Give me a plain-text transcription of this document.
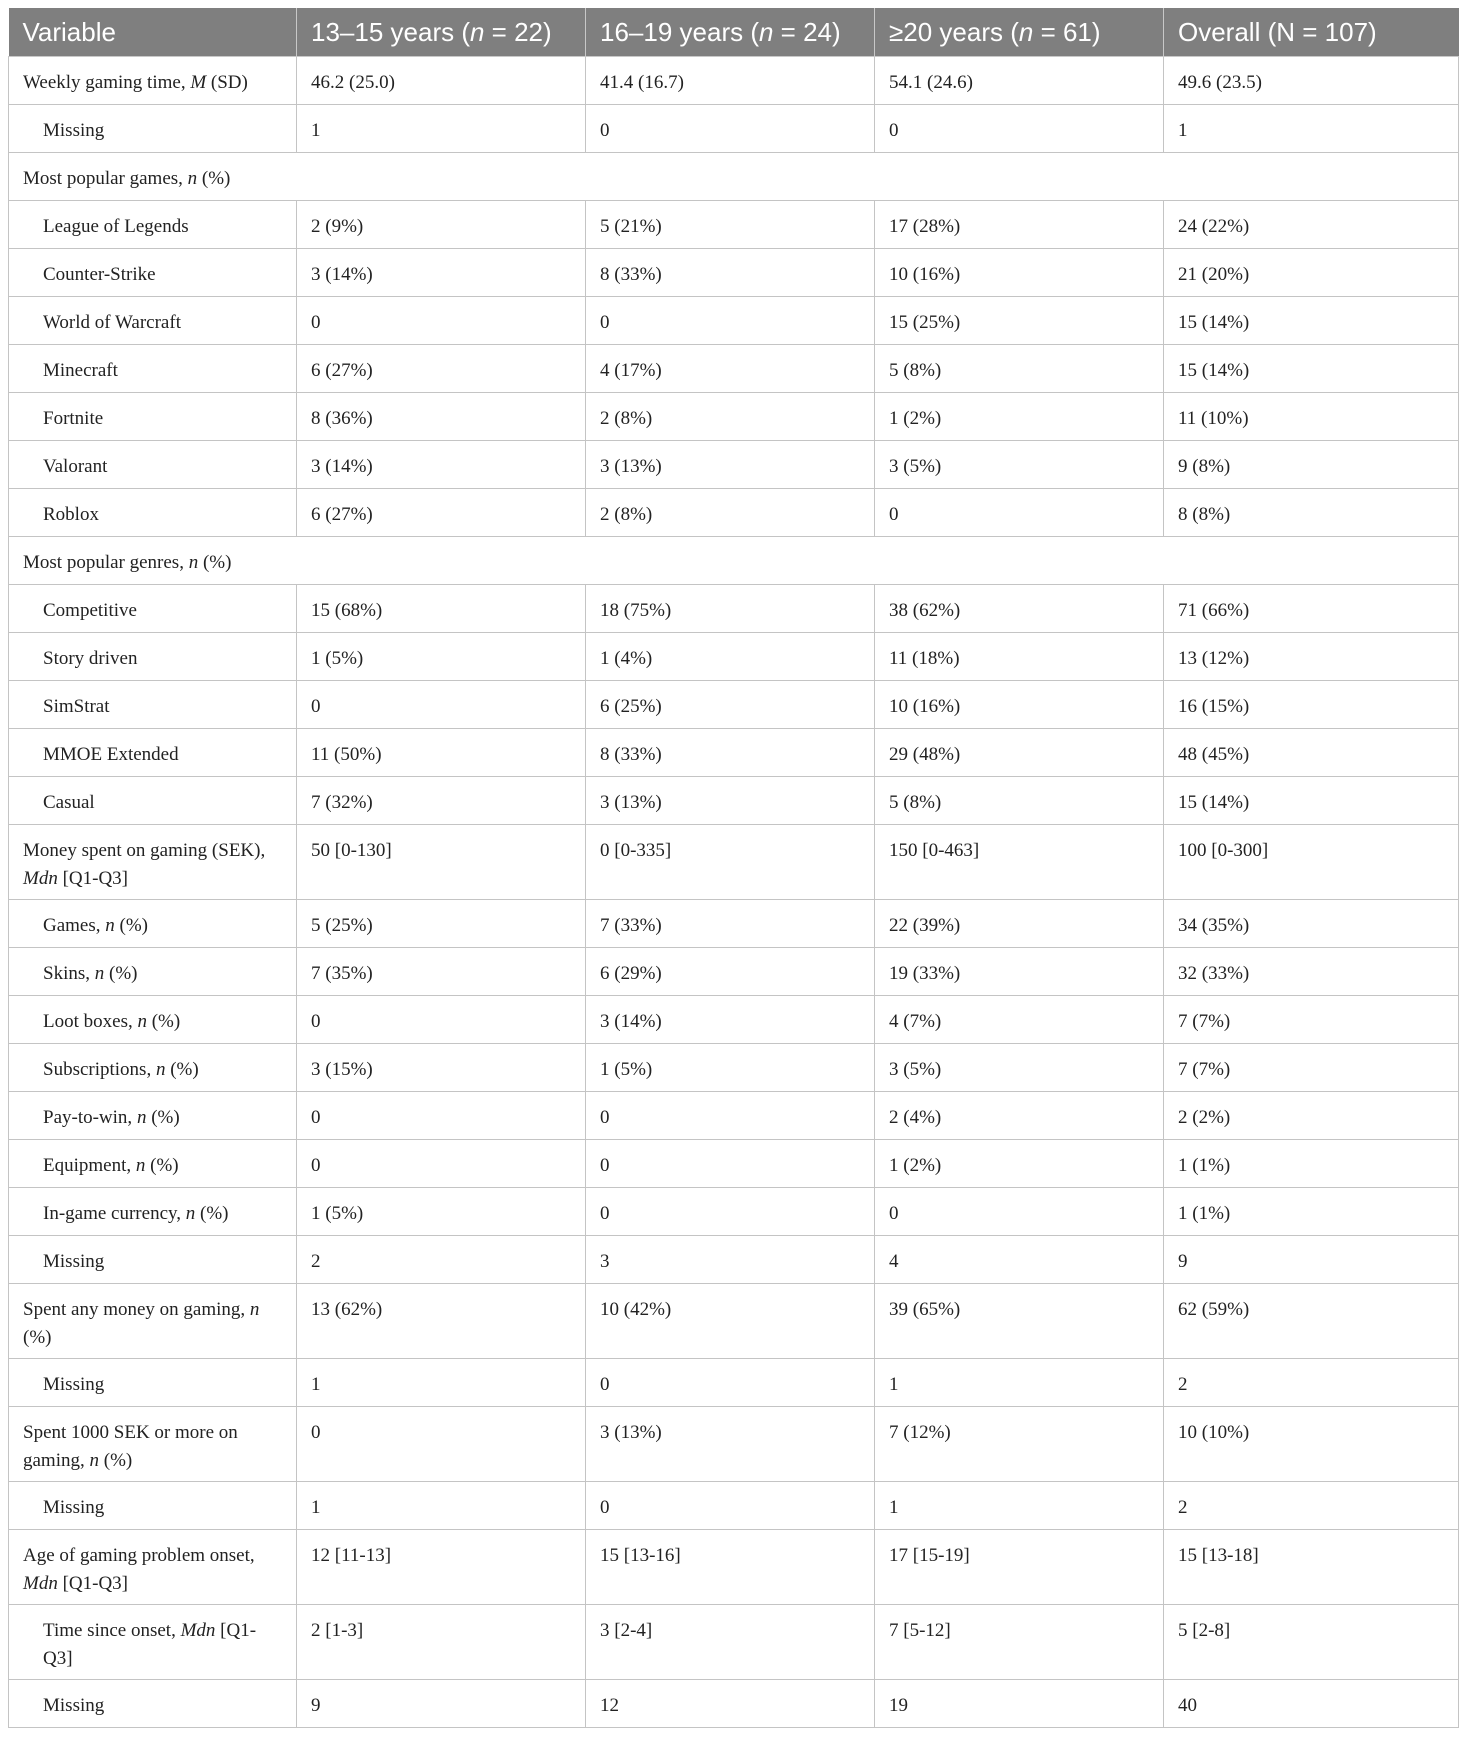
Variable	13–15 years (n = 22)	16–19 years (n = 24)	≥20 years (n = 61)	Overall (N = 107)
Weekly gaming time, M (SD)	46.2 (25.0)	41.4 (16.7)	54.1 (24.6)	49.6 (23.5)
Missing	1	0	0	1
Most popular games, n (%)				
League of Legends	2 (9%)	5 (21%)	17 (28%)	24 (22%)
Counter-Strike	3 (14%)	8 (33%)	10 (16%)	21 (20%)
World of Warcraft	0	0	15 (25%)	15 (14%)
Minecraft	6 (27%)	4 (17%)	5 (8%)	15 (14%)
Fortnite	8 (36%)	2 (8%)	1 (2%)	11 (10%)
Valorant	3 (14%)	3 (13%)	3 (5%)	9 (8%)
Roblox	6 (27%)	2 (8%)	0	8 (8%)
Most popular genres, n (%)				
Competitive	15 (68%)	18 (75%)	38 (62%)	71 (66%)
Story driven	1 (5%)	1 (4%)	11 (18%)	13 (12%)
SimStrat	0	6 (25%)	10 (16%)	16 (15%)
MMOE Extended	11 (50%)	8 (33%)	29 (48%)	48 (45%)
Casual	7 (32%)	3 (13%)	5 (8%)	15 (14%)
Money spent on gaming (SEK), Mdn [Q1-Q3]	50 [0-130]	0 [0-335]	150 [0-463]	100 [0-300]
Games, n (%)	5 (25%)	7 (33%)	22 (39%)	34 (35%)
Skins, n (%)	7 (35%)	6 (29%)	19 (33%)	32 (33%)
Loot boxes, n (%)	0	3 (14%)	4 (7%)	7 (7%)
Subscriptions, n (%)	3 (15%)	1 (5%)	3 (5%)	7 (7%)
Pay-to-win, n (%)	0	0	2 (4%)	2 (2%)
Equipment, n (%)	0	0	1 (2%)	1 (1%)
In-game currency, n (%)	1 (5%)	0	0	1 (1%)
Missing	2	3	4	9
Spent any money on gaming, n (%)	13 (62%)	10 (42%)	39 (65%)	62 (59%)
Missing	1	0	1	2
Spent 1000 SEK or more on gaming, n (%)	0	3 (13%)	7 (12%)	10 (10%)
Missing	1	0	1	2
Age of gaming problem onset, Mdn [Q1-Q3]	12 [11-13]	15 [13-16]	17 [15-19]	15 [13-18]
Time since onset, Mdn [Q1-Q3]	2 [1-3]	3 [2-4]	7 [5-12]	5 [2-8]
Missing	9	12	19	40
